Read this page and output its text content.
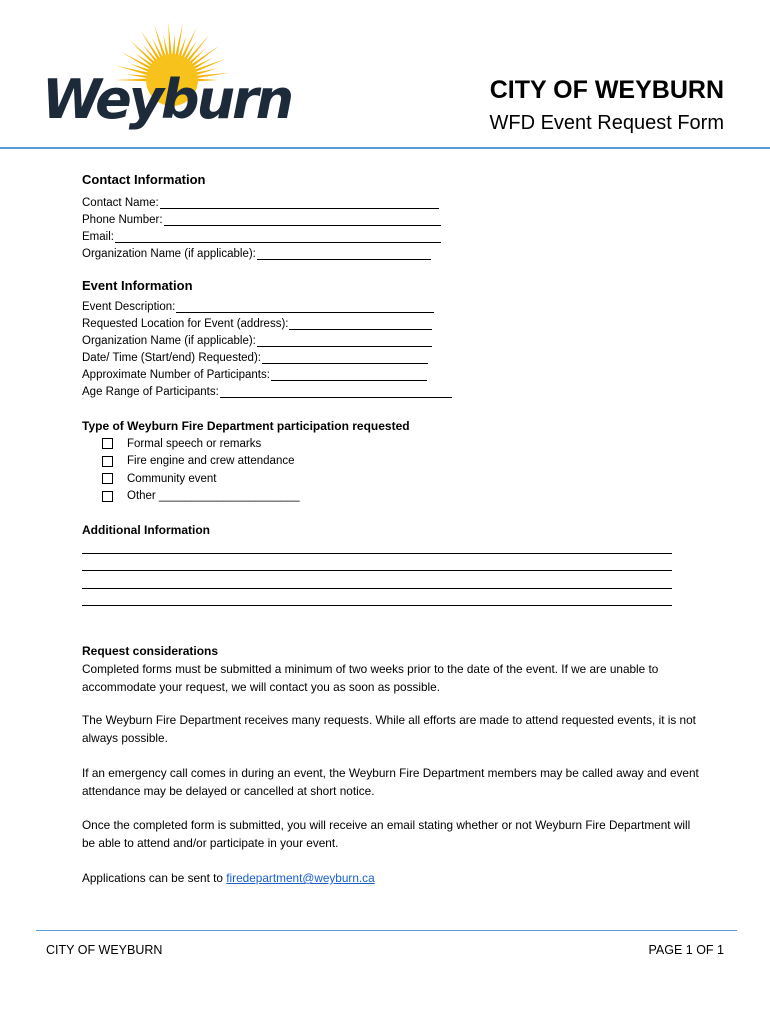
Weyburn	CITY OF WEYBURN
WFD Event Request Form
Contact Information
Contact Name:
Phone Number:
Email:
Organization Name (if applicable):
Event Information
Event Description:
Requested Location for Event (address):
Organization Name (if applicable):
Date/ Time (Start/end) Requested):
Approximate Number of Participants:
Age Range of Participants:
Type of Weyburn Fire Department participation requested
Formal speech or remarks
Fire engine and crew attendance
Community event
Other ______________________
Additional Information
Request considerations
Completed forms must be submitted a minimum of two weeks prior to the date of the event. If we are unable to accommodate your request, we will contact you as soon as possible.
The Weyburn Fire Department receives many requests. While all efforts are made to attend requested events, it is not always possible.
If an emergency call comes in during an event, the Weyburn Fire Department members may be called away and event attendance may be delayed or cancelled at short notice.
Once the completed form is submitted, you will receive an email stating whether or not Weyburn Fire Department will be able to attend and/or participate in your event.
Applications can be sent to firedepartment@weyburn.ca
CITY OF WEYBURN	PAGE 1 OF 1
